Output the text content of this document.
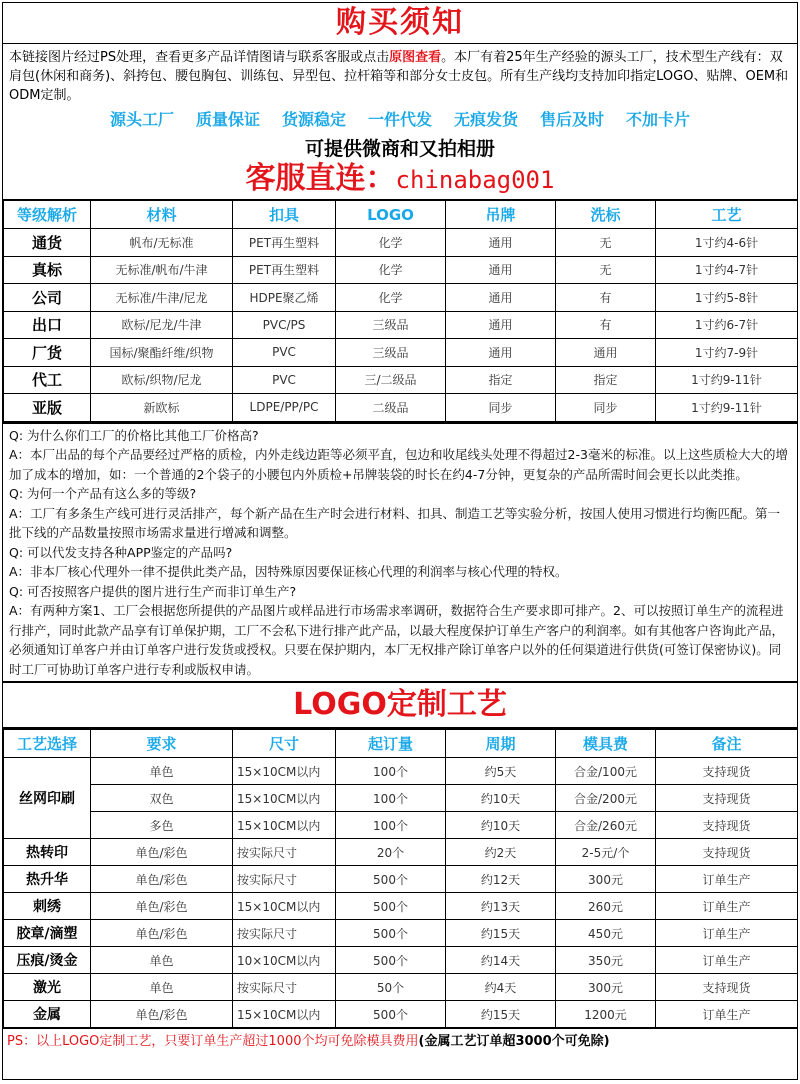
购买须知
本链接图片经过PS处理，查看更多产品详情图请与联系客服或点击原图查看。本厂有着25年生产经验的源头工厂，技术型生产线有：双肩包(休闲和商务)、斜挎包、腰包胸包、训练包、异型包、拉杆箱等和部分女士皮包。所有生产线均支持加印指定LOGO、贴牌、OEM和ODM定制。
源头工厂 质量保证 货源稳定 一件代发 无痕发货 售后及时 不加卡片
可提供微商和又拍相册
客服直连：chinabag001
等级解析	材料	扣具	LOGO	吊牌	洗标	工艺
通货	帆布/无标准	PET再生塑料	化学	通用	无	1寸约4-6针
真标	无标准/帆布/牛津	PET再生塑料	化学	通用	无	1寸约4-7针
公司	无标准/牛津/尼龙	HDPE聚乙烯	化学	通用	有	1寸约5-8针
出口	欧标/尼龙/牛津	PVC/PS	三级品	通用	有	1寸约6-7针
厂货	国标/聚酯纤维/织物	PVC	三级品	通用	通用	1寸约7-9针
代工	欧标/织物/尼龙	PVC	三/二级品	指定	指定	1寸约9-11针
亚版	新欧标	LDPE/PP/PC	二级品	同步	同步	1寸约9-11针
Q: 为什么你们工厂的价格比其他工厂价格高?
A：本厂出品的每个产品要经过严格的质检，内外走线边距等必须平直，包边和收尾线头处理不得超过2-3毫米的标准。以上这些质检大大的增加了成本的增加，如：一个普通的2个袋子的小腰包内外质检+吊牌装袋的时长在约4-7分钟，更复杂的产品所需时间会更长以此类推。
Q: 为何一个产品有这么多的等级?
A：工厂有多条生产线可进行灵活排产，每个新产品在生产时会进行材料、扣具、制造工艺等实验分析，按国人使用习惯进行均衡匹配。第一批下线的产品数量按照市场需求量进行增减和调整。
Q: 可以代发支持各种APP鉴定的产品吗?
A：非本厂核心代理外一律不提供此类产品，因特殊原因要保证核心代理的利润率与核心代理的特权。
Q: 可否按照客户提供的图片进行生产而非订单生产?
A：有两种方案1、工厂会根据您所提供的产品图片或样品进行市场需求率调研，数据符合生产要求即可排产。2、可以按照订单生产的流程进行排产，同时此款产品享有订单保护期，工厂不会私下进行排产此产品，以最大程度保护订单生产客户的利润率。如有其他客户咨询此产品，必须通知订单客户并由订单客户进行发货或授权。只要在保护期内，本厂无权排产除订单客户以外的任何渠道进行供货(可签订保密协议)。同时工厂可协助订单客户进行专利或版权申请。
LOGO定制工艺
工艺选择	要求	尺寸	起订量	周期	模具费	备注
丝网印刷	单色	15×10CM以内	100个	约5天	合金/100元	支持现货
	双色	15×10CM以内	100个	约10天	合金/200元	支持现货
	多色	15×10CM以内	100个	约10天	合金/260元	支持现货
热转印	单色/彩色	按实际尺寸	20个	约2天	2-5元/个	支持现货
热升华	单色/彩色	按实际尺寸	500个	约12天	300元	订单生产
刺绣	单色/彩色	15×10CM以内	500个	约13天	260元	订单生产
胶章/滴塑	单色/彩色	按实际尺寸	500个	约15天	450元	订单生产
压痕/烫金	单色	10×10CM以内	500个	约14天	350元	订单生产
激光	单色	按实际尺寸	50个	约4天	300元	支持现货
金属	单色/彩色	15×10CM以内	500个	约15天	1200元	订单生产
PS：以上LOGO定制工艺，只要订单生产超过1000个均可免除模具费用(金属工艺订单超3000个可免除)
